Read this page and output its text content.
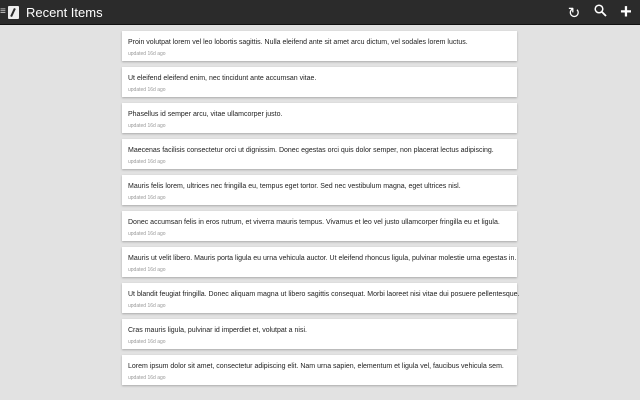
≡ Recent Items	↻ +
Proin volutpat lorem vel leo lobortis sagittis. Nulla eleifend ante sit amet arcu dictum, vel sodales lorem luctus.
updated 16d ago
Ut eleifend eleifend enim, nec tincidunt ante accumsan vitae.
updated 16d ago
Phasellus id semper arcu, vitae ullamcorper justo.
updated 16d ago
Maecenas facilisis consectetur orci ut dignissim. Donec egestas orci quis dolor semper, non placerat lectus adipiscing.
updated 16d ago
Mauris felis lorem, ultrices nec fringilla eu, tempus eget tortor. Sed nec vestibulum magna, eget ultrices nisl.
updated 16d ago
Donec accumsan felis in eros rutrum, et viverra mauris tempus. Vivamus et leo vel justo ullamcorper fringilla eu et ligula.
updated 16d ago
Mauris ut velit libero. Mauris porta ligula eu urna vehicula auctor. Ut eleifend rhoncus ligula, pulvinar molestie urna egestas in.
updated 16d ago
Ut blandit feugiat fringilla. Donec aliquam magna ut libero sagittis consequat. Morbi laoreet nisi vitae dui posuere pellentesque.
updated 16d ago
Cras mauris ligula, pulvinar id imperdiet et, volutpat a nisi.
updated 16d ago
Lorem ipsum dolor sit amet, consectetur adipiscing elit. Nam urna sapien, elementum et ligula vel, faucibus vehicula sem.
updated 16d ago
